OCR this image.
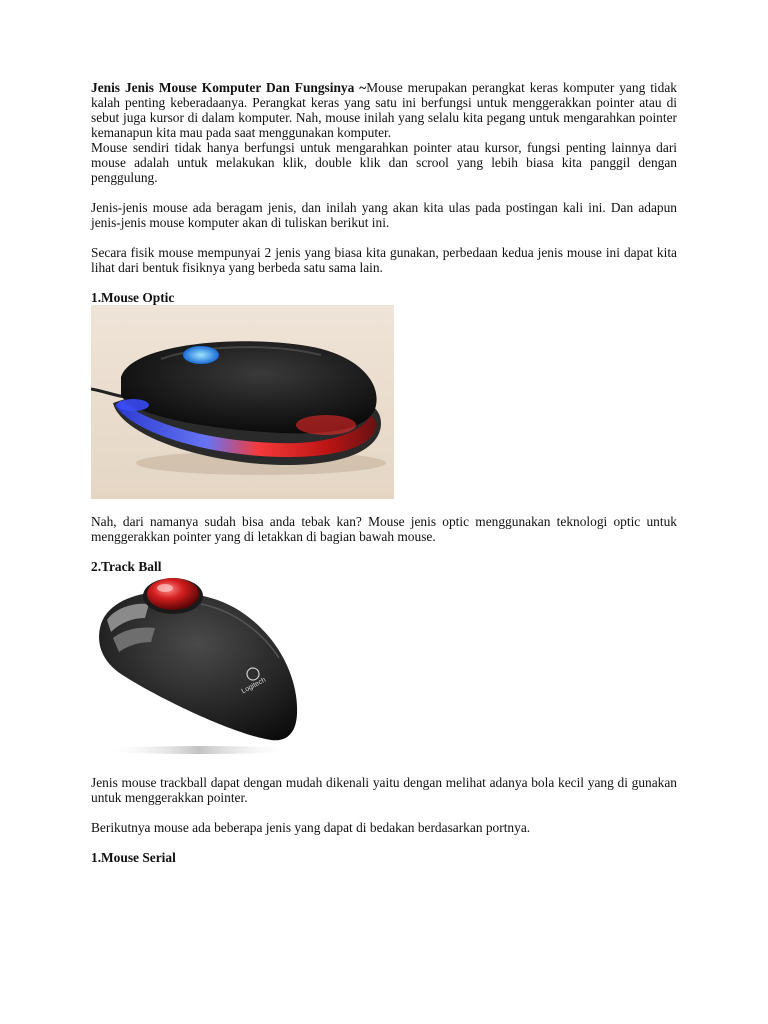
Jenis Jenis Mouse Komputer Dan Fungsinya ~Mouse merupakan perangkat keras komputer yang tidak kalah penting keberadaanya. Perangkat keras yang satu ini berfungsi untuk menggerakkan pointer atau di sebut juga kursor di dalam komputer. Nah, mouse inilah yang selalu kita pegang untuk mengarahkan pointer kemanapun kita mau pada saat menggunakan komputer.

Mouse sendiri tidak hanya berfungsi untuk mengarahkan pointer atau kursor, fungsi penting lainnya dari mouse adalah untuk melakukan klik, double klik dan scrool yang lebih biasa kita panggil dengan penggulung.

Jenis-jenis mouse ada beragam jenis, dan inilah yang akan kita ulas pada postingan kali ini. Dan adapun jenis-jenis mouse komputer akan di tuliskan berikut ini.

Secara fisik mouse mempunyai 2 jenis yang biasa kita gunakan, perbedaan kedua jenis mouse ini dapat kita lihat dari bentuk fisiknya yang berbeda satu sama lain.

1.Mouse Optic

Nah, dari namanya sudah bisa anda tebak kan? Mouse jenis optic menggunakan teknologi optic untuk menggerakkan pointer yang di letakkan di bagian bawah mouse.

2.Track Ball

Logitech

Jenis mouse trackball dapat dengan mudah dikenali yaitu dengan melihat adanya bola kecil yang di gunakan untuk menggerakkan pointer.

Berikutnya mouse ada beberapa jenis yang dapat di bedakan berdasarkan portnya.

1.Mouse Serial
